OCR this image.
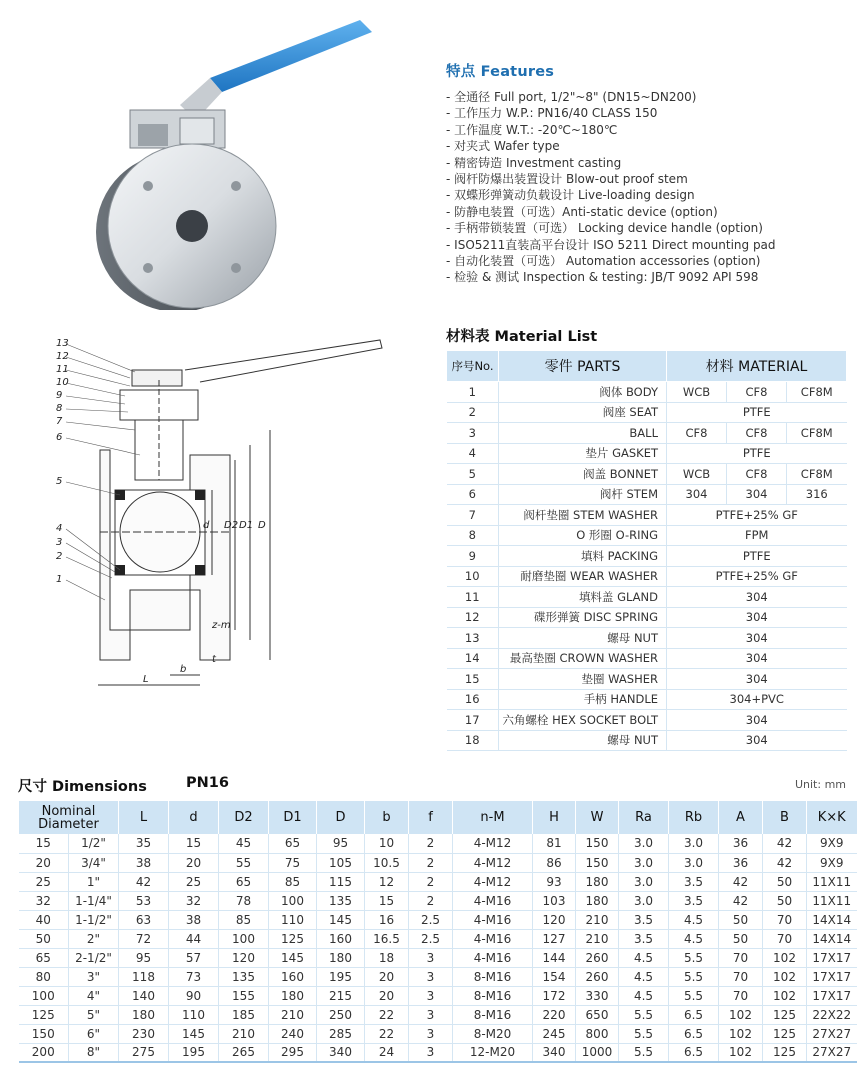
13
12
11
10
9
8
7
6
5
4
3
2
1
d D2 D1 D
z-m
t
b
L
特点 Features
- 全通径 Full port, 1/2"~8" (DN15~DN200)
- 工作压力 W.P.: PN16/40 CLASS 150
- 工作温度 W.T.: -20℃~180℃
- 对夹式 Wafer type
- 精密铸造 Investment casting
- 阀杆防爆出装置设计 Blow-out proof stem
- 双蝶形弹簧动负载设计 Live-loading design
- 防静电装置（可选）Anti-static device (option)
- 手柄带锁装置（可选） Locking device handle (option)
- ISO5211直装高平台设计 ISO 5211 Direct mounting pad
- 自动化装置（可选） Automation accessories (option)
- 检验 & 测试 Inspection & testing: JB/T 9092 API 598
材料表 Material List
序号No.	零件 PARTS	材料 MATERIAL		
1	阀体 BODY	WCB	CF8	CF8M
2	阀座 SEAT	PTFE		
3	BALL	CF8	CF8	CF8M
4	垫片 GASKET	PTFE		
5	阀盖 BONNET	WCB	CF8	CF8M
6	阀杆 STEM	304	304	316
7	阀杆垫圈 STEM WASHER	PTFE+25% GF		
8	O 形圈 O-RING	FPM		
9	填料 PACKING	PTFE		
10	耐磨垫圈 WEAR WASHER	PTFE+25% GF		
11	填料盖 GLAND	304		
12	碟形弹簧 DISC SPRING	304		
13	螺母 NUT	304		
14	最高垫圈 CROWN WASHER	304		
15	垫圈 WASHER	304		
16	手柄 HANDLE	304+PVC		
17	六角螺栓 HEX SOCKET BOLT	304		
18	螺母 NUT	304		
尺寸 Dimensions	PN16	Unit: mm
Nominal Diameter		L	d	D2	D1	D	b	f	n-M	H	W	Ra	Rb	A	B	K×K
15	1/2"	35	15	45	65	95	10	2	4-M12	81	150	3.0	3.0	36	42	9X9
20	3/4"	38	20	55	75	105	10.5	2	4-M12	86	150	3.0	3.0	36	42	9X9
25	1"	42	25	65	85	115	12	2	4-M12	93	180	3.0	3.5	42	50	11X11
32	1-1/4"	53	32	78	100	135	15	2	4-M16	103	180	3.0	3.5	42	50	11X11
40	1-1/2"	63	38	85	110	145	16	2.5	4-M16	120	210	3.5	4.5	50	70	14X14
50	2"	72	44	100	125	160	16.5	2.5	4-M16	127	210	3.5	4.5	50	70	14X14
65	2-1/2"	95	57	120	145	180	18	3	4-M16	144	260	4.5	5.5	70	102	17X17
80	3"	118	73	135	160	195	20	3	8-M16	154	260	4.5	5.5	70	102	17X17
100	4"	140	90	155	180	215	20	3	8-M16	172	330	4.5	5.5	70	102	17X17
125	5"	180	110	185	210	250	22	3	8-M16	220	650	5.5	6.5	102	125	22X22
150	6"	230	145	210	240	285	22	3	8-M20	245	800	5.5	6.5	102	125	27X27
200	8"	275	195	265	295	340	24	3	12-M20	340	1000	5.5	6.5	102	125	27X27
